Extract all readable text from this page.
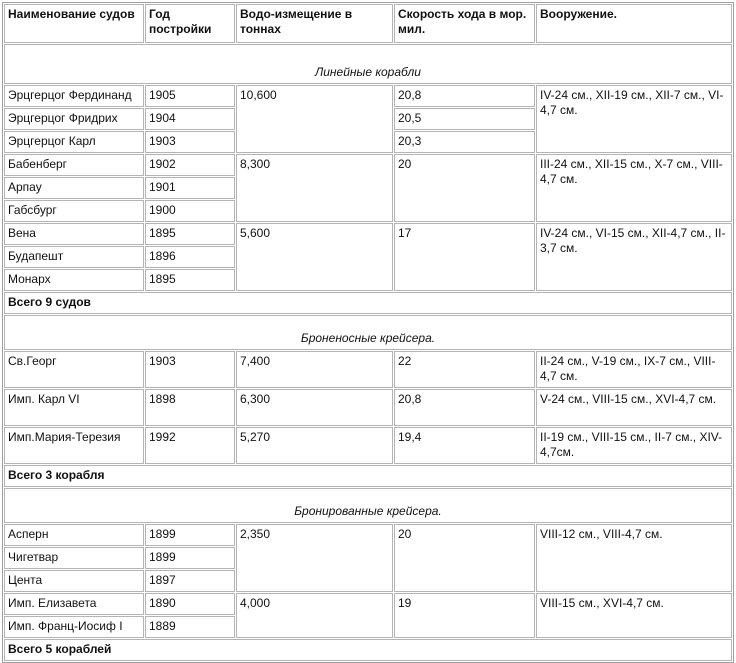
Наименование судов	Год постройки	Водо-измещение в тоннах	Скорость хода в мор. мил.	Вооружение.
Линейные корабли				
Эрцгерцог Фердинанд	1905	10,600	20,8	IV-24 см., XII-19 см., XII-7 см., VI-4,7 см.
Эрцгерцог Фридрих	1904		20,5	
Эрцгерцог Карл	1903		20,3	
Бабенберг	1902	8,300	20	III-24 см., XII-15 см., X-7 см., VIII-4,7 см.
Арпау	1901			
Габсбург	1900			
Вена	1895	5,600	17	IV-24 см., VI-15 см., XII-4,7 см., II-3,7 см.
Будапешт	1896			
Монарх	1895			
Всего 9 судов				
Броненосные крейсера.				
Св.Георг	1903	7,400	22	II-24 см., V-19 см., IX-7 см., VIII-4,7 см.
Имп. Карл VI	1898	6,300	20,8	V-24 см., VIII-15 см., XVI-4,7 см.
Имп.Мария-Терезия	1992	5,270	19,4	II-19 см., VIII-15 см., II-7 см., XIV-4,7см.
Всего 3 корабля				
Бронированные крейсера.				
Асперн	1899	2,350	20	VIII-12 см., VIII-4,7 см.
Чигетвар	1899			
Цента	1897			
Имп. Елизавета	1890	4,000	19	VIII-15 см., XVI-4,7 см.
Имп. Франц-Иосиф I	1889			
Всего 5 кораблей				
